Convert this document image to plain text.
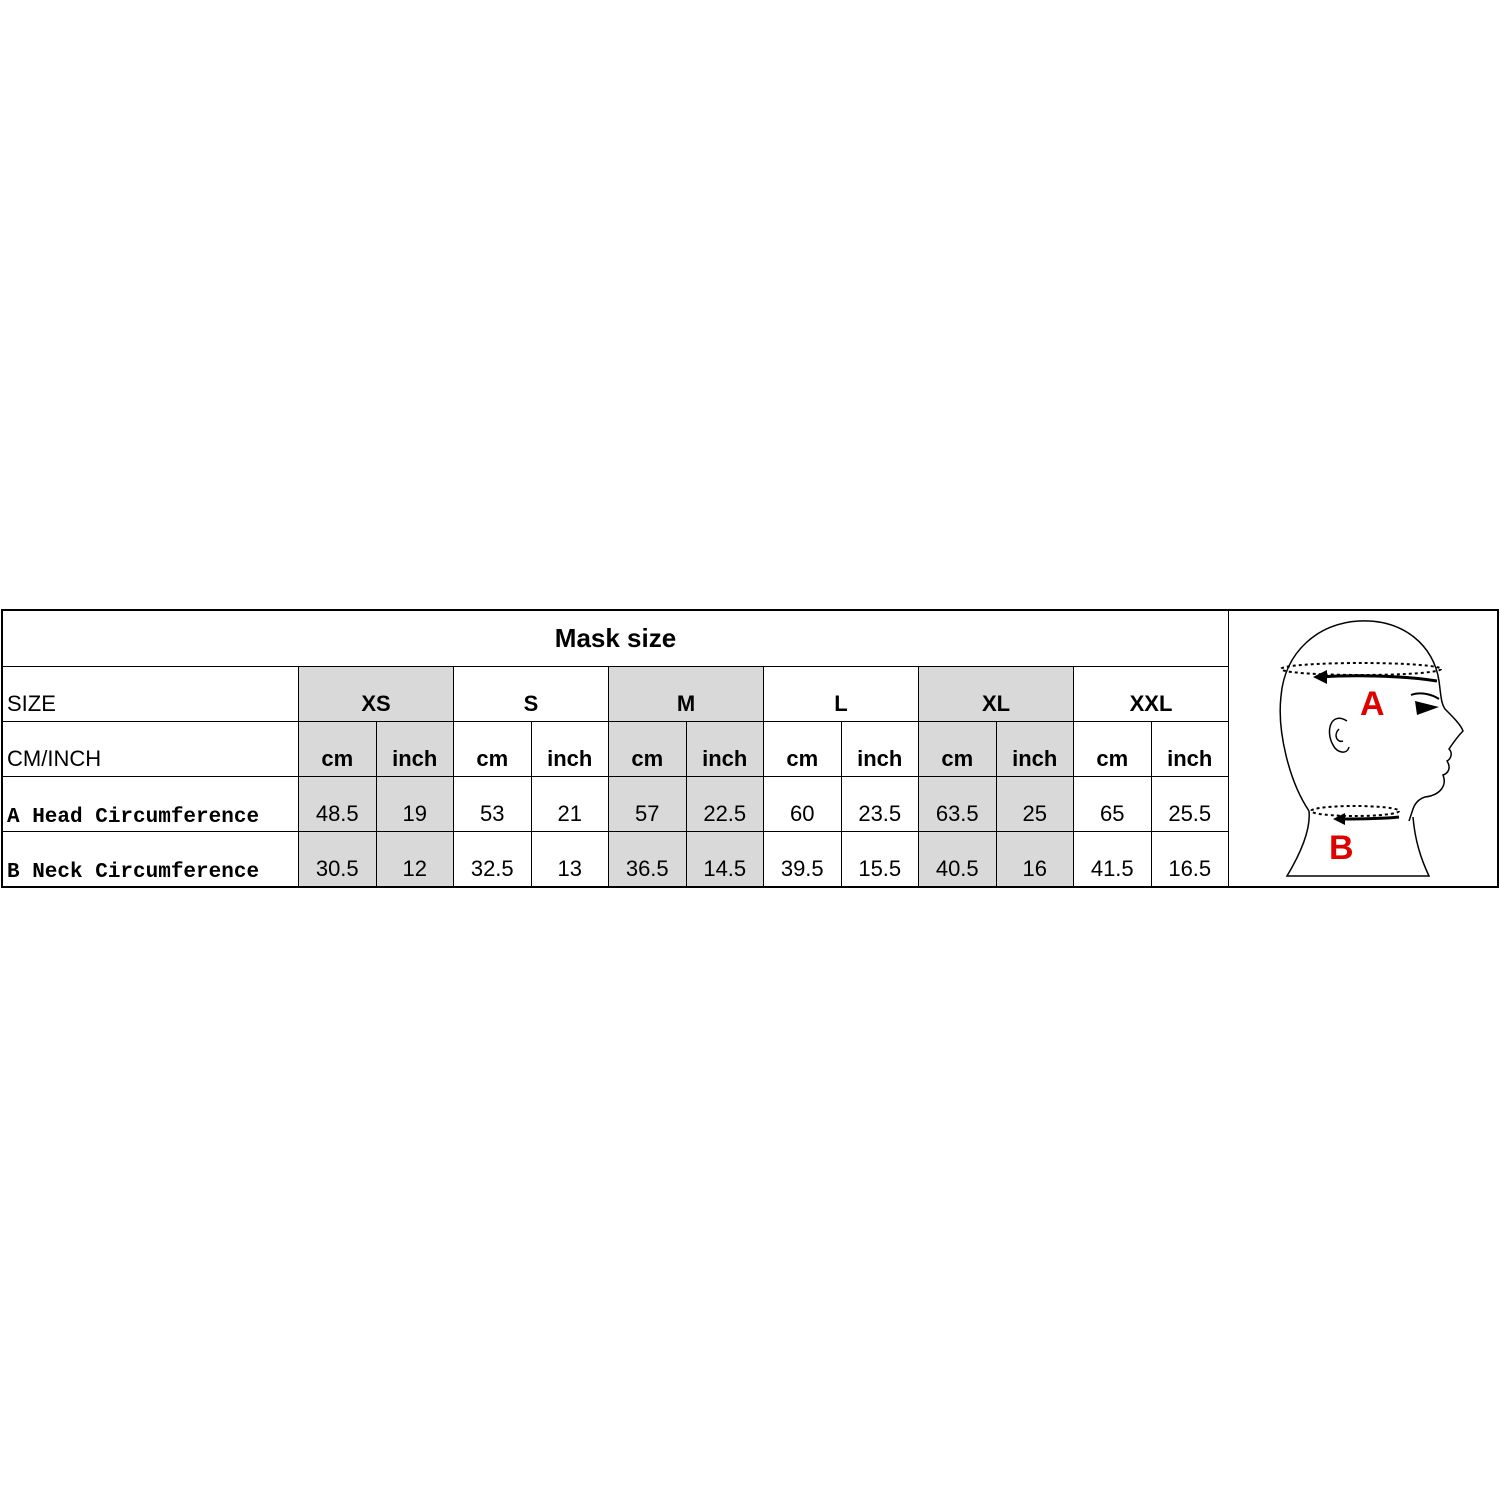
Mask size
SIZE	XS	S	M	L	XL	XXL
CM/INCH	cm	inch	cm	inch	cm	inch	cm	inch	cm	inch	cm	inch
A Head Circumference	48.5	19	53	21	57	22.5	60	23.5	63.5	25	65	25.5
B Neck Circumference	30.5	12	32.5	13	36.5	14.5	39.5	15.5	40.5	16	41.5	16.5
A
B
